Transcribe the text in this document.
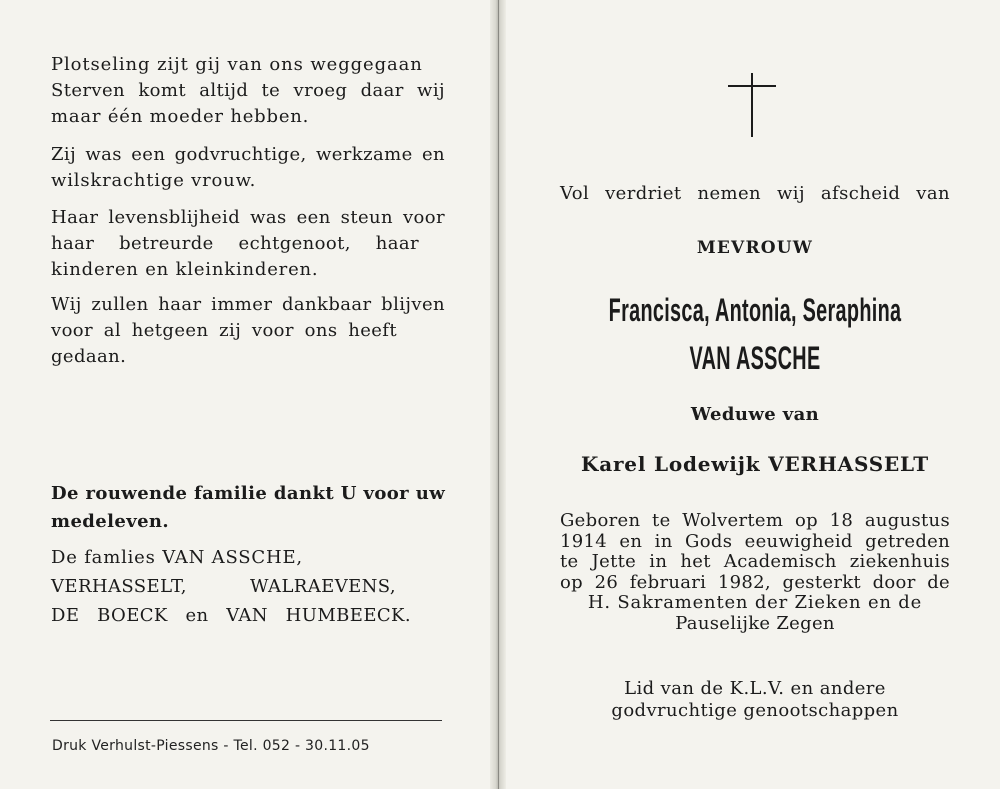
Plotseling zijt gij van ons weggegaan
Sterven komt altijd te vroeg daar wij
maar één moeder hebben.
Zij was een godvruchtige, werkzame en
wilskrachtige vrouw.
Haar levensblijheid was een steun voor
haar betreurde echtgenoot, haar
kinderen en kleinkinderen.
Wij zullen haar immer dankbaar blijven
voor al hetgeen zij voor ons heeft
gedaan.
De rouwende familie dankt U voor uw
medeleven.
De famlies VAN ASSCHE,
VERHASSELT, WALRAEVENS,
DE BOECK en VAN HUMBEECK.
Druk Verhulst-Piessens - Tel. 052 - 30.11.05
Vol verdriet nemen wij afscheid van
MEVROUW
Francisca, Antonia, Seraphina
VAN ASSCHE
Weduwe van
Karel Lodewijk VERHASSELT
Geboren te Wolvertem op 18 augustus
1914 en in Gods eeuwigheid getreden
te Jette in het Academisch ziekenhuis
op 26 februari 1982, gesterkt door de
H. Sakramenten der Zieken en de
Pauselijke Zegen
Lid van de K.L.V. en andere
godvruchtige genootschappen
